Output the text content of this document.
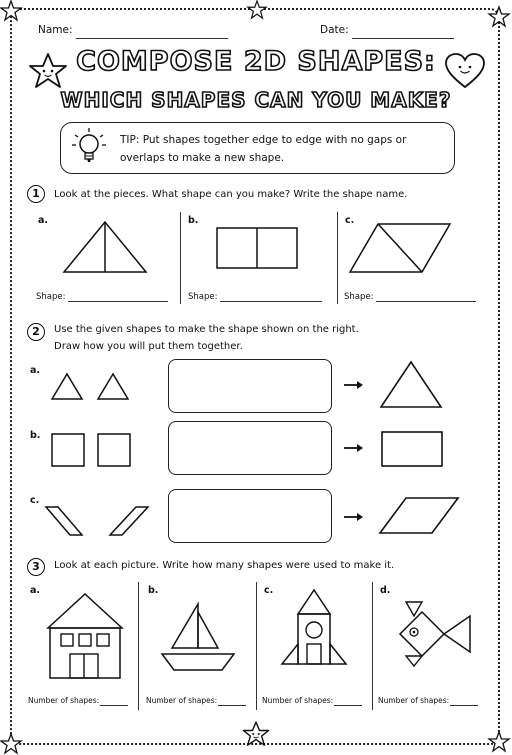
Name:	Date:
COMPOSE 2D SHAPES:
WHICH SHAPES CAN YOU MAKE?
TIP: Put shapes together edge to edge with no gaps or overlaps to make a new shape.
1	Look at the pieces. What shape can you make? Write the shape name.
a.	b.	c.
Shape:	Shape:	Shape:
2	Use the given shapes to make the shape shown on the right.
Draw how you will put them together.
a.
b.
c.
3	Look at each picture. Write how many shapes were used to make it.
a.	b.	c.	d.
Number of shapes:	Number of shapes:	Number of shapes:	Number of shapes:
